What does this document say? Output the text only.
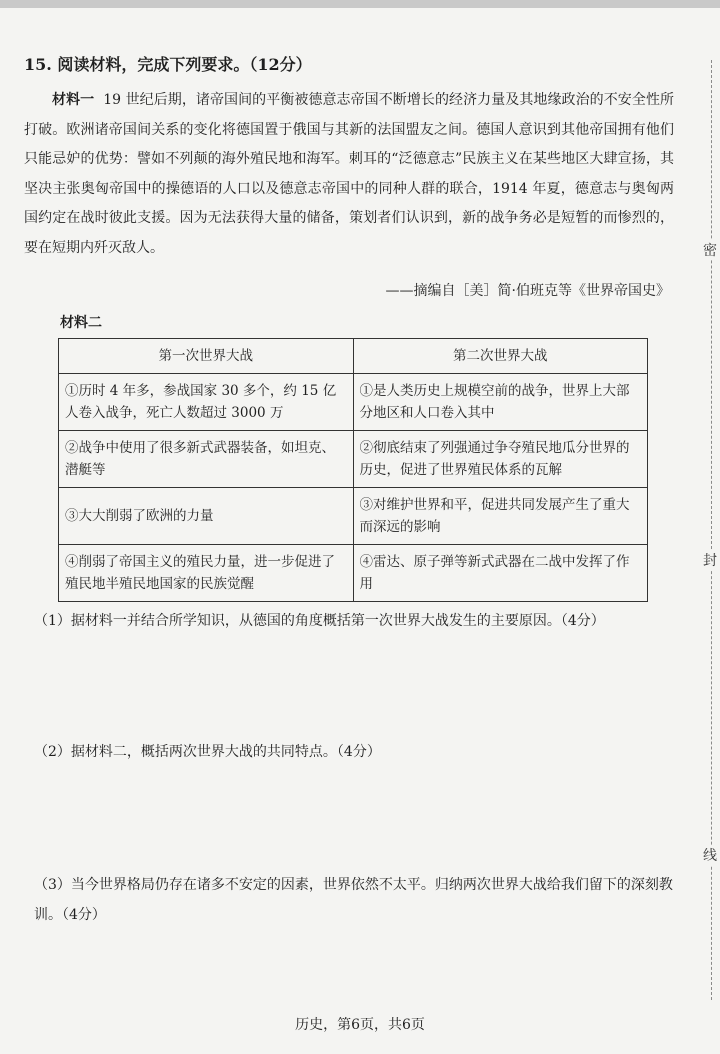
密
封
线
15. 阅读材料，完成下列要求。（12分）
材料一 19 世纪后期，诸帝国间的平衡被德意志帝国不断增长的经济力量及其地缘政治的不安全性所打破。欧洲诸帝国间关系的变化将德国置于俄国与其新的法国盟友之间。德国人意识到其他帝国拥有他们只能忌妒的优势：譬如不列颠的海外殖民地和海军。刺耳的“泛德意志”民族主义在某些地区大肆宣扬，其坚决主张奥匈帝国中的操德语的人口以及德意志帝国中的同种人群的联合，1914 年夏，德意志与奥匈两国约定在战时彼此支援。因为无法获得大量的储备，策划者们认识到，新的战争务必是短暂的而惨烈的，要在短期内歼灭敌人。
——摘编自［美］简·伯班克等《世界帝国史》
材料二
第一次世界大战	第二次世界大战
①历时 4 年多，参战国家 30 多个，约 15 亿人卷入战争，死亡人数超过 3000 万	①是人类历史上规模空前的战争，世界上大部分地区和人口卷入其中
②战争中使用了很多新式武器装备，如坦克、潜艇等	②彻底结束了列强通过争夺殖民地瓜分世界的历史，促进了世界殖民体系的瓦解
③大大削弱了欧洲的力量	③对维护世界和平，促进共同发展产生了重大而深远的影响
④削弱了帝国主义的殖民力量，进一步促进了殖民地半殖民地国家的民族觉醒	④雷达、原子弹等新式武器在二战中发挥了作用
（1）据材料一并结合所学知识，从德国的角度概括第一次世界大战发生的主要原因。（4分）
（2）据材料二，概括两次世界大战的共同特点。（4分）
（3）当今世界格局仍存在诸多不安定的因素，世界依然不太平。归纳两次世界大战给我们留下的深刻教训。（4分）
历史，第6页，共6页
